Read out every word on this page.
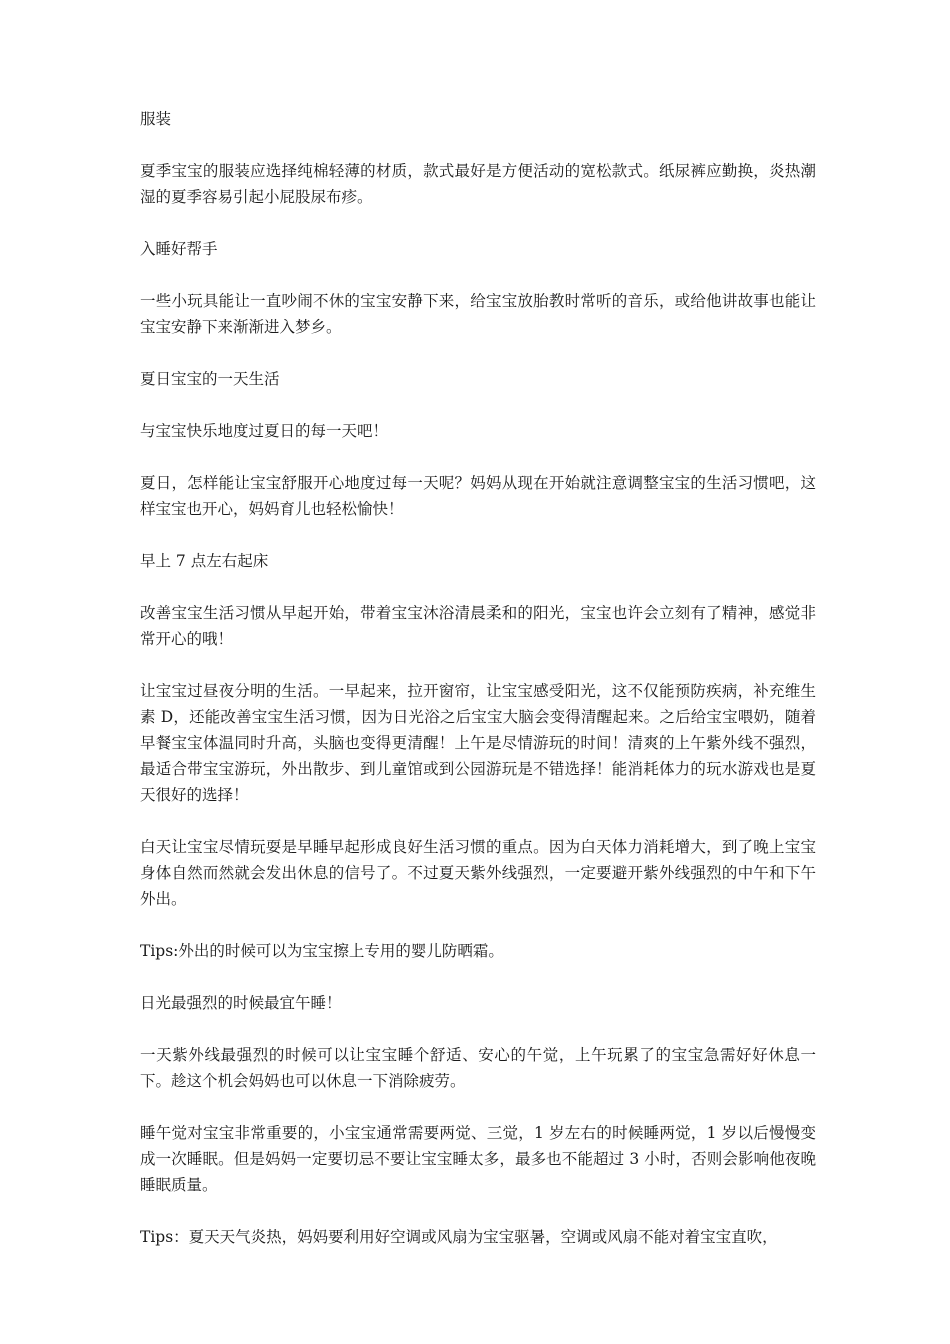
服装

夏季宝宝的服装应选择纯棉轻薄的材质，款式最好是方便活动的宽松款式。纸尿裤应勤换，炎热潮湿的夏季容易引起小屁股尿布疹。

入睡好帮手

一些小玩具能让一直吵闹不休的宝宝安静下来，给宝宝放胎教时常听的音乐，或给他讲故事也能让宝宝安静下来渐渐进入梦乡。

夏日宝宝的一天生活

与宝宝快乐地度过夏日的每一天吧！

夏日，怎样能让宝宝舒服开心地度过每一天呢？妈妈从现在开始就注意调整宝宝的生活习惯吧，这样宝宝也开心，妈妈育儿也轻松愉快！

早上 7 点左右起床

改善宝宝生活习惯从早起开始，带着宝宝沐浴清晨柔和的阳光，宝宝也许会立刻有了精神，感觉非常开心的哦！

让宝宝过昼夜分明的生活。一早起来，拉开窗帘，让宝宝感受阳光，这不仅能预防疾病，补充维生素 D，还能改善宝宝生活习惯，因为日光浴之后宝宝大脑会变得清醒起来。之后给宝宝喂奶，随着早餐宝宝体温同时升高，头脑也变得更清醒！上午是尽情游玩的时间！清爽的上午紫外线不强烈，最适合带宝宝游玩，外出散步、到儿童馆或到公园游玩是不错选择！能消耗体力的玩水游戏也是夏天很好的选择！

白天让宝宝尽情玩耍是早睡早起形成良好生活习惯的重点。因为白天体力消耗增大，到了晚上宝宝身体自然而然就会发出休息的信号了。不过夏天紫外线强烈，一定要避开紫外线强烈的中午和下午外出。

Tips:外出的时候可以为宝宝擦上专用的婴儿防晒霜。

日光最强烈的时候最宜午睡！

一天紫外线最强烈的时候可以让宝宝睡个舒适、安心的午觉，上午玩累了的宝宝急需好好休息一下。趁这个机会妈妈也可以休息一下消除疲劳。

睡午觉对宝宝非常重要的，小宝宝通常需要两觉、三觉，1 岁左右的时候睡两觉，1 岁以后慢慢变成一次睡眠。但是妈妈一定要切忌不要让宝宝睡太多，最多也不能超过 3 小时，否则会影响他夜晚睡眠质量。

Tips：夏天天气炎热，妈妈要利用好空调或风扇为宝宝驱暑，空调或风扇不能对着宝宝直吹，
